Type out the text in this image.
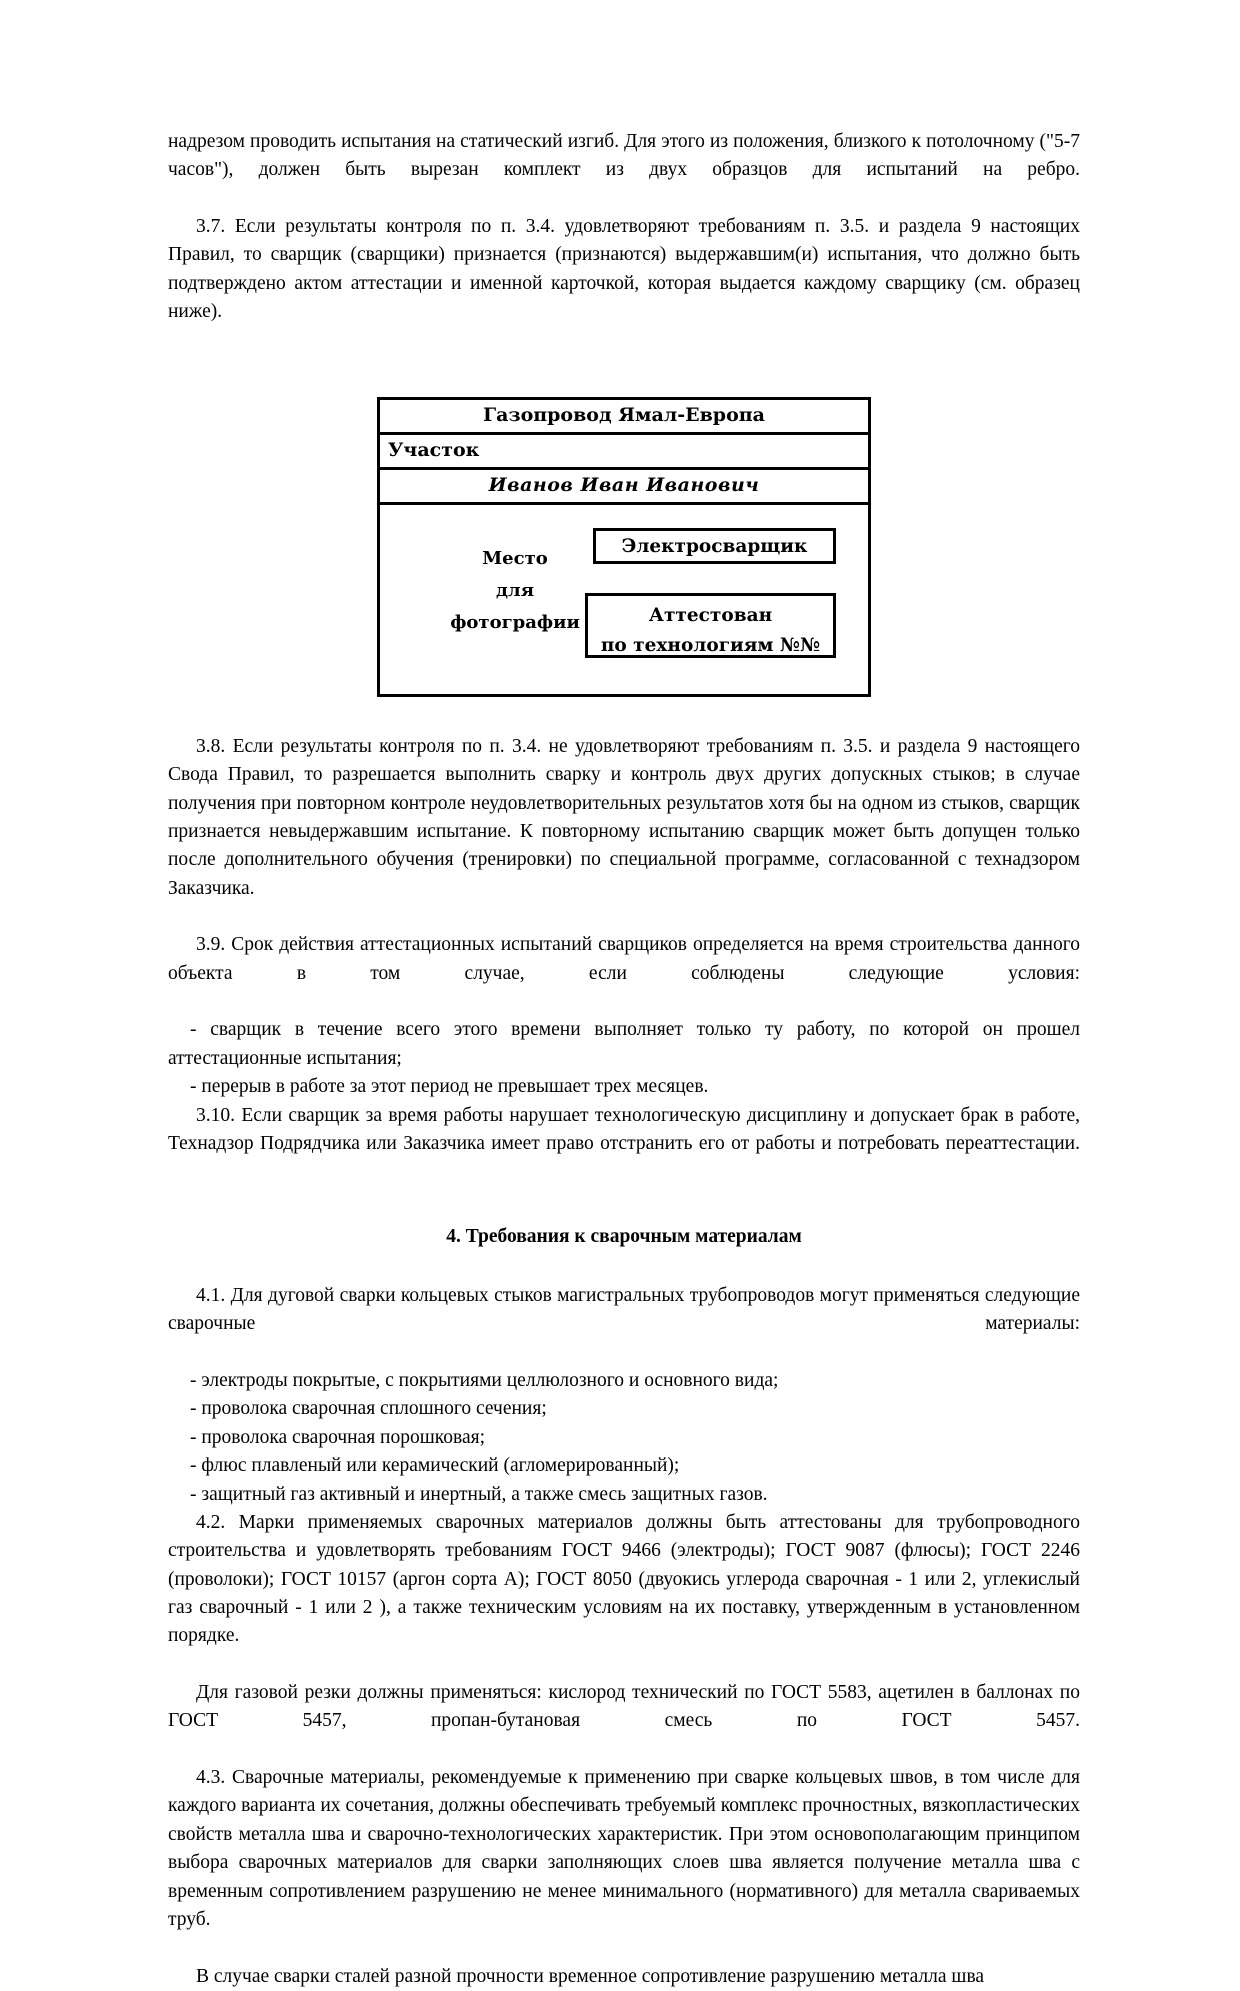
надрезом проводить испытания на статический изгиб. Для этого из положения, близкого к потолочному ("5-7 часов"), должен быть вырезан комплект из двух образцов для испытаний на ребро.

3.7. Если результаты контроля по п. 3.4. удовлетворяют требованиям п. 3.5. и раздела 9 настоящих Правил, то сварщик (сварщики) признается (признаются) выдержавшим(и) испытания, что должно быть подтверждено актом аттестации и именной карточкой, которая выдается каждому сварщику (см. образец ниже).

Газопровод Ямал-Европа
Участок
Иванов Иван Иванович
Место
для
фотографии
Электросварщик
Аттестован
по технологиям №№

3.8. Если результаты контроля по п. 3.4. не удовлетворяют требованиям п. 3.5. и раздела 9 настоящего Свода Правил, то разрешается выполнить сварку и контроль двух других допускных стыков; в случае получения при повторном контроле неудовлетворительных результатов хотя бы на одном из стыков, сварщик признается невыдержавшим испытание. К повторному испытанию сварщик может быть допущен только после дополнительного обучения (тренировки) по специальной программе, согласованной с технадзором Заказчика.

3.9. Срок действия аттестационных испытаний сварщиков определяется на время строительства данного объекта в том случае, если соблюдены следующие условия:

- сварщик в течение всего этого времени выполняет только ту работу, по которой он прошел аттестационные испытания;

- перерыв в работе за этот период не превышает трех месяцев.

3.10. Если сварщик за время работы нарушает технологическую дисциплину и допускает брак в работе, Технадзор Подрядчика или Заказчика имеет право отстранить его от работы и потребовать переаттестации.

4. Требования к сварочным материалам

4.1. Для дуговой сварки кольцевых стыков магистральных трубопроводов могут применяться следующие сварочные материалы:

- электроды покрытые, с покрытиями целлюлозного и основного вида;

- проволока сварочная сплошного сечения;

- проволока сварочная порошковая;

- флюс плавленый или керамический (агломерированный);

- защитный газ активный и инертный, а также смесь защитных газов.

4.2. Марки применяемых сварочных материалов должны быть аттестованы для трубопроводного строительства и удовлетворять требованиям ГОСТ 9466 (электроды); ГОСТ 9087 (флюсы); ГОСТ 2246 (проволоки); ГОСТ 10157 (аргон сорта А); ГОСТ 8050 (двуокись углерода сварочная - 1 или 2, углекислый газ сварочный - 1 или 2 ), а также техническим условиям на их поставку, утвержденным в установленном порядке.

Для газовой резки должны применяться: кислород технический по ГОСТ 5583, ацетилен в баллонах по ГОСТ 5457, пропан-бутановая смесь по ГОСТ 5457.

4.3. Сварочные материалы, рекомендуемые к применению при сварке кольцевых швов, в том числе для каждого варианта их сочетания, должны обеспечивать требуемый комплекс прочностных, вязкопластических свойств металла шва и сварочно-технологических характеристик. При этом основополагающим принципом выбора сварочных материалов для сварки заполняющих слоев шва является получение металла шва с временным сопротивлением разрушению не менее минимального (нормативного) для металла свариваемых труб.

В случае сварки сталей разной прочности временное сопротивление разрушению металла шва
